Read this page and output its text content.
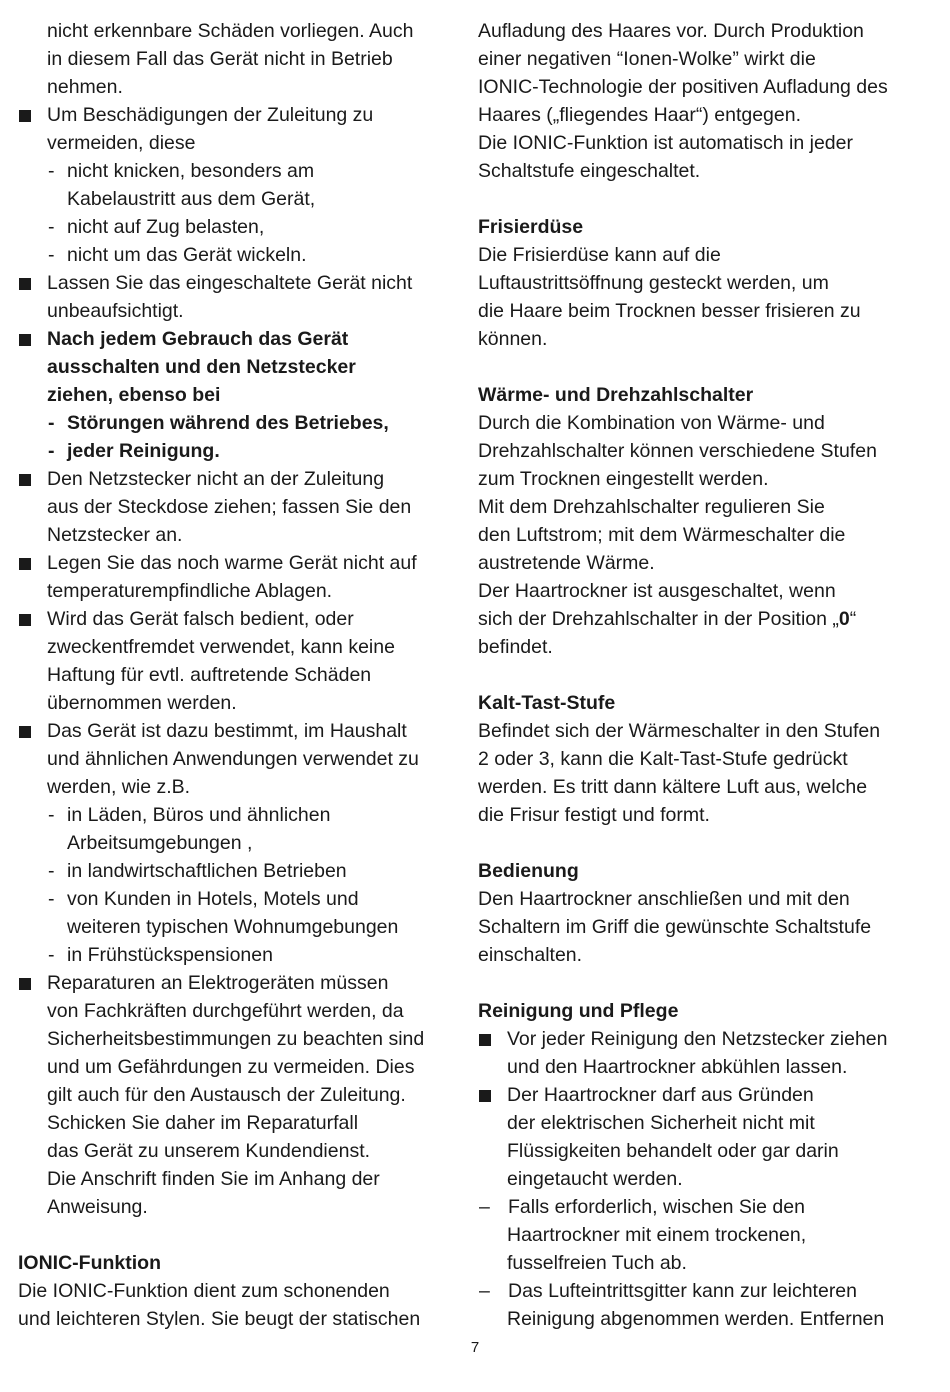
nicht erkennbare Schäden vorliegen. Auch
in diesem Fall das Gerät nicht in Betrieb
nehmen.
Um Beschädigungen der Zuleitung zu
vermeiden, diese
- nicht knicken, besonders am
Kabelaustritt aus dem Gerät,
- nicht auf Zug belasten,
- nicht um das Gerät wickeln.
Lassen Sie das eingeschaltete Gerät nicht
unbeaufsichtigt.
Nach jedem Gebrauch das Gerät
ausschalten und den Netzstecker
ziehen, ebenso bei
- Störungen während des Betriebes,
- jeder Reinigung.
Den Netzstecker nicht an der Zuleitung
aus der Steckdose ziehen; fassen Sie den
Netzstecker an.
Legen Sie das noch warme Gerät nicht auf
temperaturempfindliche Ablagen.
Wird das Gerät falsch bedient, oder
zweckentfremdet verwendet, kann keine
Haftung für evtl. auftretende Schäden
übernommen werden.
Das Gerät ist dazu bestimmt, im Haushalt
und ähnlichen Anwendungen verwendet zu
werden, wie z.B.
- in Läden, Büros und ähnlichen
Arbeitsumgebungen ,
- in landwirtschaftlichen Betrieben
- von Kunden in Hotels, Motels und
weiteren typischen Wohnumgebungen
- in Frühstückspensionen
Reparaturen an Elektrogeräten müssen
von Fachkräften durchgeführt werden, da
Sicherheitsbestimmungen zu beachten sind
und um Gefährdungen zu vermeiden. Dies
gilt auch für den Austausch der Zuleitung.
Schicken Sie daher im Reparaturfall
das Gerät zu unserem Kundendienst.
Die Anschrift finden Sie im Anhang der
Anweisung.
IONIC-Funktion
Die IONIC-Funktion dient zum schonenden
und leichteren Stylen. Sie beugt der statischen
Aufladung des Haares vor. Durch Produktion
einer negativen “Ionen-Wolke” wirkt die
IONIC-Technologie der positiven Aufladung des
Haares („fliegendes Haar“) entgegen.
Die IONIC-Funktion ist automatisch in jeder
Schaltstufe eingeschaltet.
Frisierdüse
Die Frisierdüse kann auf die
Luftaustrittsöffnung gesteckt werden, um
die Haare beim Trocknen besser frisieren zu
können.
Wärme- und Drehzahlschalter
Durch die Kombination von Wärme- und
Drehzahlschalter können verschiedene Stufen
zum Trocknen eingestellt werden.
Mit dem Drehzahlschalter regulieren Sie
den Luftstrom; mit dem Wärmeschalter die
austretende Wärme.
Der Haartrockner ist ausgeschaltet, wenn
sich der Drehzahlschalter in der Position „0“
befindet.
Kalt-Tast-Stufe
Befindet sich der Wärmeschalter in den Stufen
2 oder 3, kann die Kalt-Tast-Stufe gedrückt
werden. Es tritt dann kältere Luft aus, welche
die Frisur festigt und formt.
Bedienung
Den Haartrockner anschließen und mit den
Schaltern im Griff die gewünschte Schaltstufe
einschalten.
Reinigung und Pflege
Vor jeder Reinigung den Netzstecker ziehen
und den Haartrockner abkühlen lassen.
Der Haartrockner darf aus Gründen
der elektrischen Sicherheit nicht mit
Flüssigkeiten behandelt oder gar darin
eingetaucht werden.
– Falls erforderlich, wischen Sie den
Haartrockner mit einem trockenen,
fusselfreien Tuch ab.
– Das Lufteintrittsgitter kann zur leichteren
Reinigung abgenommen werden. Entfernen
7
